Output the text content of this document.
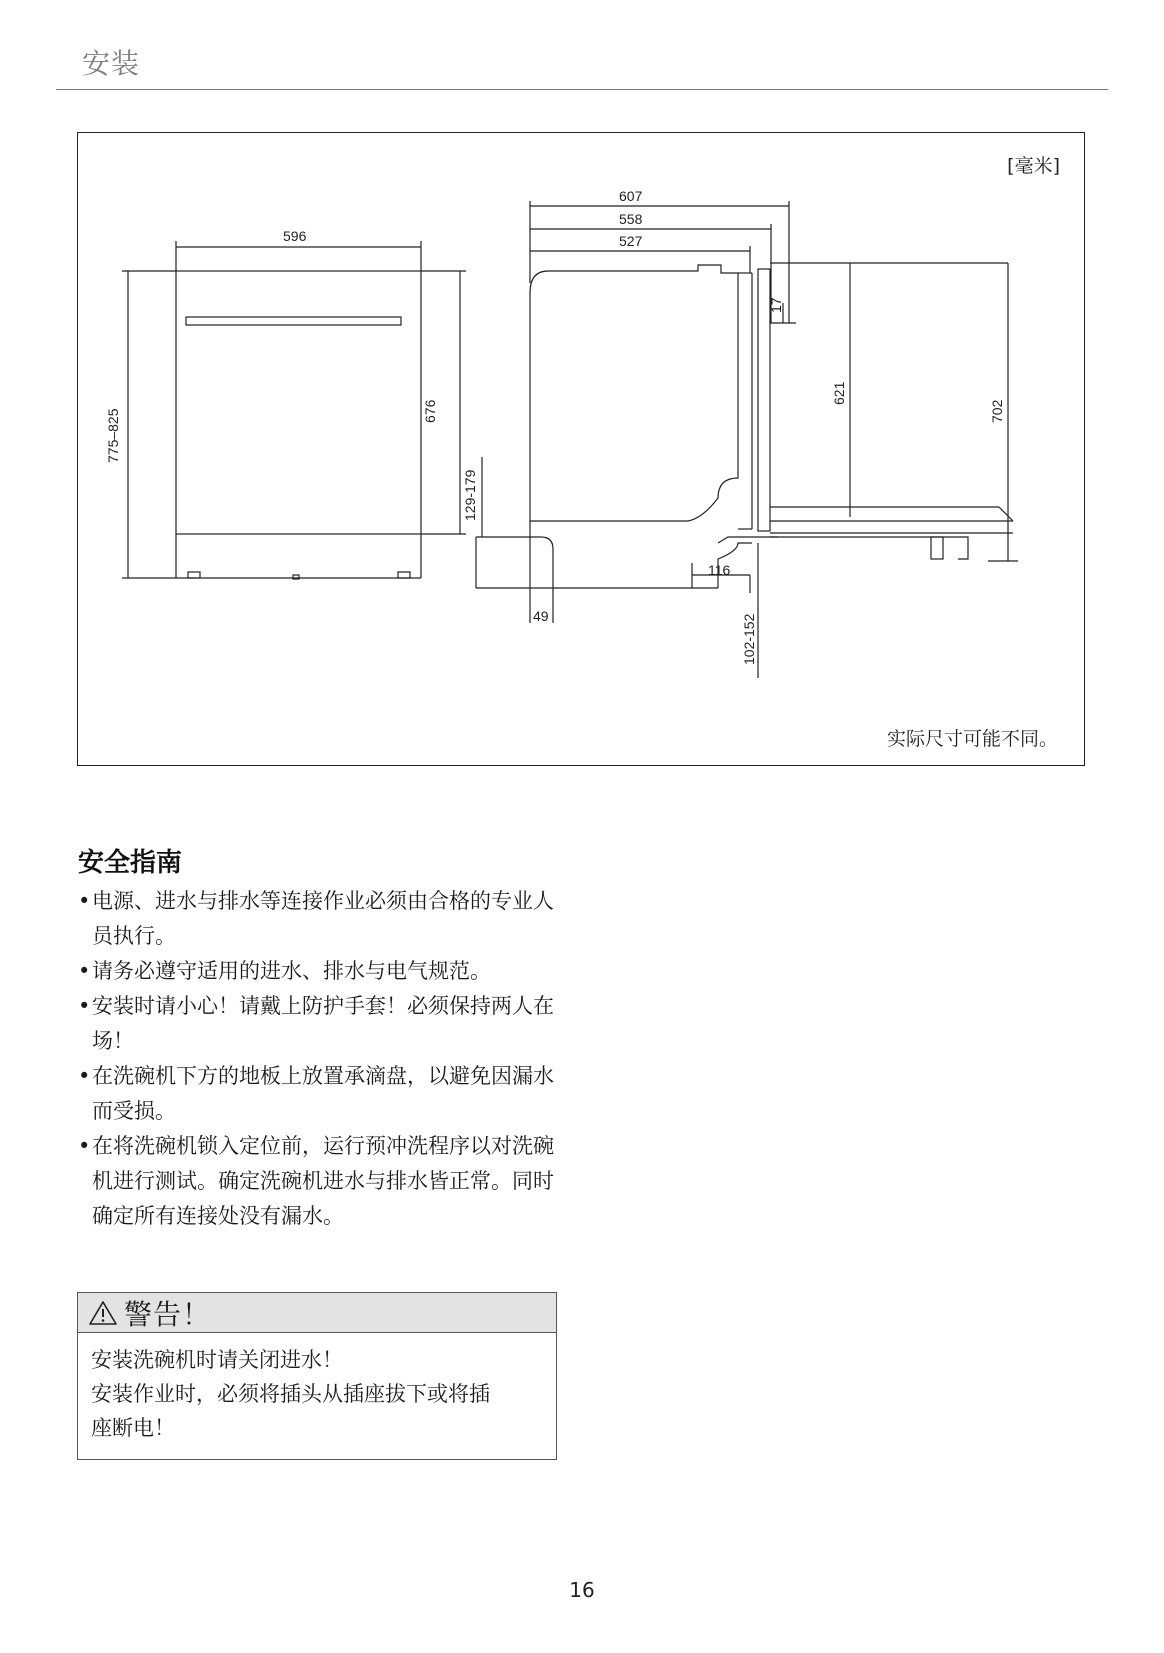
安装
[毫米]
596
775–825	676
607
558
527
17
621
702
129-179
49
116
102-152
实际尺寸可能不同。
安全指南
• 电源、进水与排水等连接作业必须由合格的专业人员执行。
• 请务必遵守适用的进水、排水与电气规范。
• 安装时请小心！请戴上防护手套！必须保持两人在场！
• 在洗碗机下方的地板上放置承滴盘，以避免因漏水而受损。
• 在将洗碗机锁入定位前，运行预冲洗程序以对洗碗机进行测试。确定洗碗机进水与排水皆正常。同时确定所有连接处没有漏水。
警告！
安装洗碗机时请关闭进水！
安装作业时，必须将插头从插座拔下或将插
座断电！
16
